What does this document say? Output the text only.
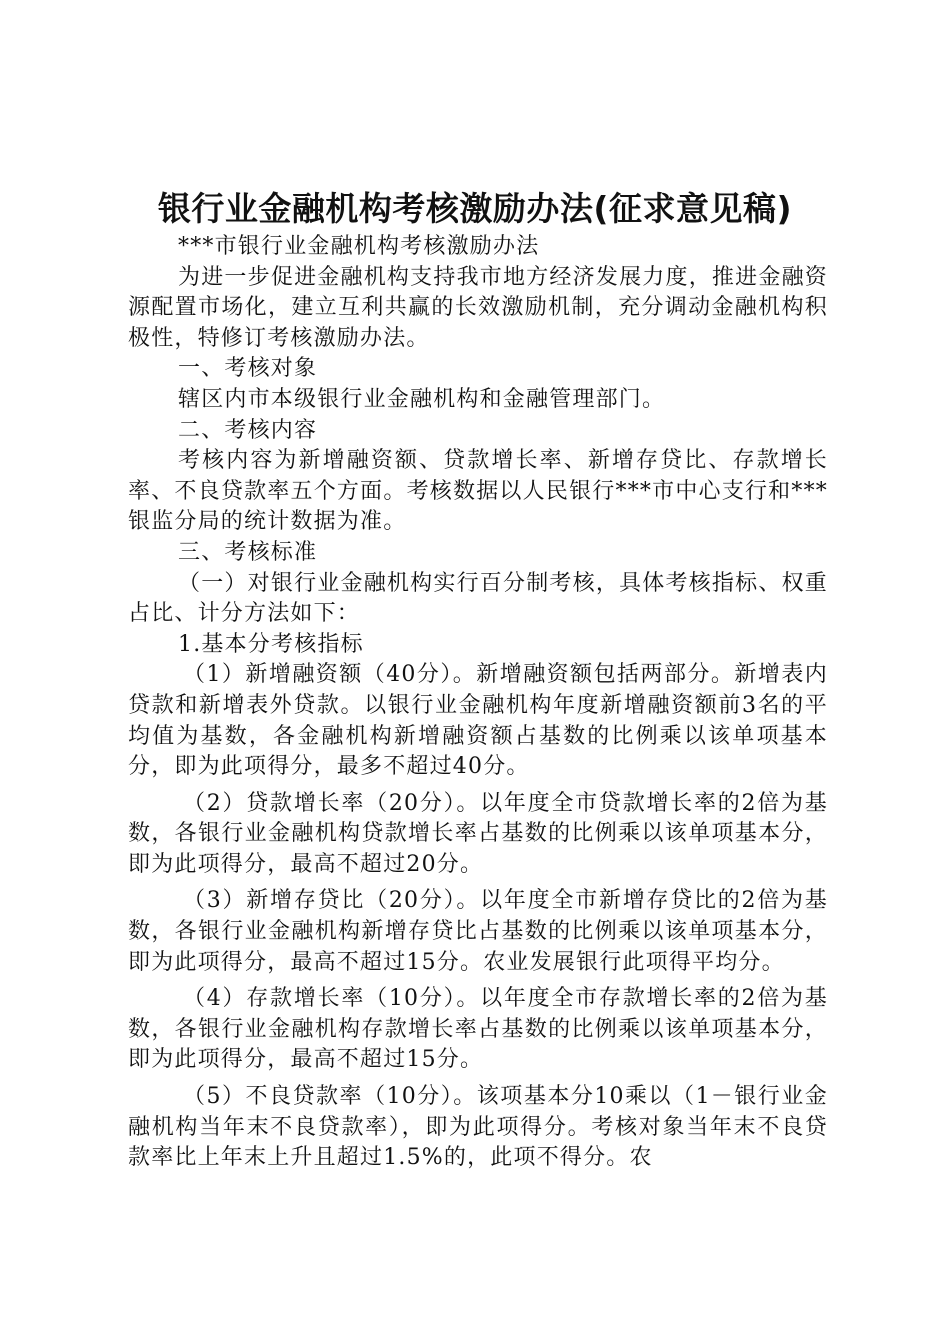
银行业金融机构考核激励办法(征求意见稿)

***市银行业金融机构考核激励办法

为进一步促进金融机构支持我市地方经济发展力度，推进金融资源配置市场化，建立互利共赢的长效激励机制，充分调动金融机构积极性，特修订考核激励办法。

一、考核对象

辖区内市本级银行业金融机构和金融管理部门。

二、考核内容

考核内容为新增融资额、贷款增长率、新增存贷比、存款增长率、不良贷款率五个方面。考核数据以人民银行***市中心支行和***银监分局的统计数据为准。

三、考核标准

（一）对银行业金融机构实行百分制考核，具体考核指标、权重占比、计分方法如下：

1.基本分考核指标

（1）新增融资额（40分）。新增融资额包括两部分。新增表内贷款和新增表外贷款。以银行业金融机构年度新增融资额前3名的平均值为基数，各金融机构新增融资额占基数的比例乘以该单项基本分，即为此项得分，最多不超过40分。

（2）贷款增长率（20分）。以年度全市贷款增长率的2倍为基数，各银行业金融机构贷款增长率占基数的比例乘以该单项基本分，即为此项得分，最高不超过20分。

（3）新增存贷比（20分）。以年度全市新增存贷比的2倍为基数，各银行业金融机构新增存贷比占基数的比例乘以该单项基本分，即为此项得分，最高不超过15分。农业发展银行此项得平均分。

（4）存款增长率（10分）。以年度全市存款增长率的2倍为基数，各银行业金融机构存款增长率占基数的比例乘以该单项基本分，即为此项得分，最高不超过15分。

（5）不良贷款率（10分）。该项基本分10乘以（1－银行业金融机构当年末不良贷款率），即为此项得分。考核对象当年末不良贷款率比上年末上升且超过1.5%的，此项不得分。农
